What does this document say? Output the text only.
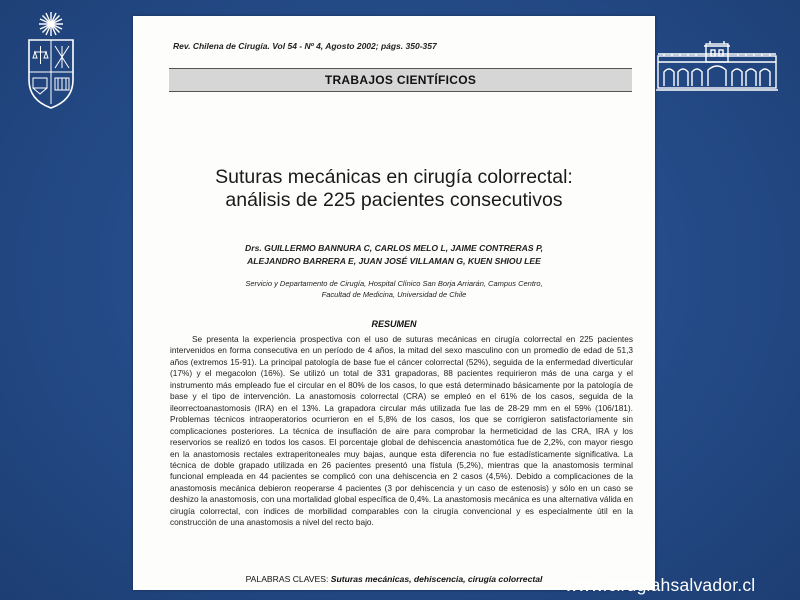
Rev. Chilena de Cirugía. Vol 54 - Nº 4, Agosto 2002; págs. 350-357
TRABAJOS CIENTÍFICOS
Suturas mecánicas en cirugía colorrectal:
análisis de 225 pacientes consecutivos
Drs. GUILLERMO BANNURA C, CARLOS MELO L, JAIME CONTRERAS P,
ALEJANDRO BARRERA E, JUAN JOSÉ VILLAMAN G, KUEN SHIOU LEE
Servicio y Departamento de Cirugía, Hospital Clínico San Borja Arriarán, Campus Centro,
Facultad de Medicina, Universidad de Chile
RESUMEN

Se presenta la experiencia prospectiva con el uso de suturas mecánicas en cirugía colorrectal en 225 pacientes intervenidos en forma consecutiva en un período de 4 años, la mitad del sexo masculino con un promedio de edad de 51,3 años (extremos 15-91). La principal patología de base fue el cáncer colorrectal (52%), seguida de la enfermedad diverticular (17%) y el megacolon (16%). Se utilizó un total de 331 grapadoras, 88 pacientes requirieron más de una carga y el instrumento más empleado fue el circular en el 80% de los casos, lo que está determinado básicamente por la patología de base y el tipo de intervención. La anastomosis colorrectal (CRA) se empleó en el 61% de los casos, seguida de la ileorrectoanastomosis (IRA) en el 13%. La grapadora circular más utilizada fue las de 28-29 mm en el 59% (106/181). Problemas técnicos intraoperatorios ocurrieron en el 5,8% de los casos, los que se corrigieron satisfactoriamente sin complicaciones posteriores. La técnica de insuflación de aire para comprobar la hermeticidad de las CRA, IRA y los reservorios se realizó en todos los casos. El porcentaje global de dehiscencia anastomótica fue de 2,2%, con mayor riesgo en la anastomosis rectales extraperitoneales muy bajas, aunque esta diferencia no fue estadísticamente significativa. La técnica de doble grapado utilizada en 26 pacientes presentó una fístula (5,2%), mientras que la anastomosis terminal funcional empleada en 44 pacientes se complicó con una dehiscencia en 2 casos (4,5%). Debido a complicaciones de la anastomosis mecánica debieron reoperarse 4 pacientes (3 por dehiscencia y un caso de estenosis) y sólo en un caso se deshizo la anastomosis, con una mortalidad global específica de 0,4%. La anastomosis mecánica es una alternativa válida en cirugía colorrectal, con índices de morbilidad comparables con la cirugía convencional y es especialmente útil en la construcción de una anastomosis a nivel del recto bajo.

PALABRAS CLAVES: Suturas mecánicas, dehiscencia, cirugía colorrectal	www.cirugiahsalvador.cl
